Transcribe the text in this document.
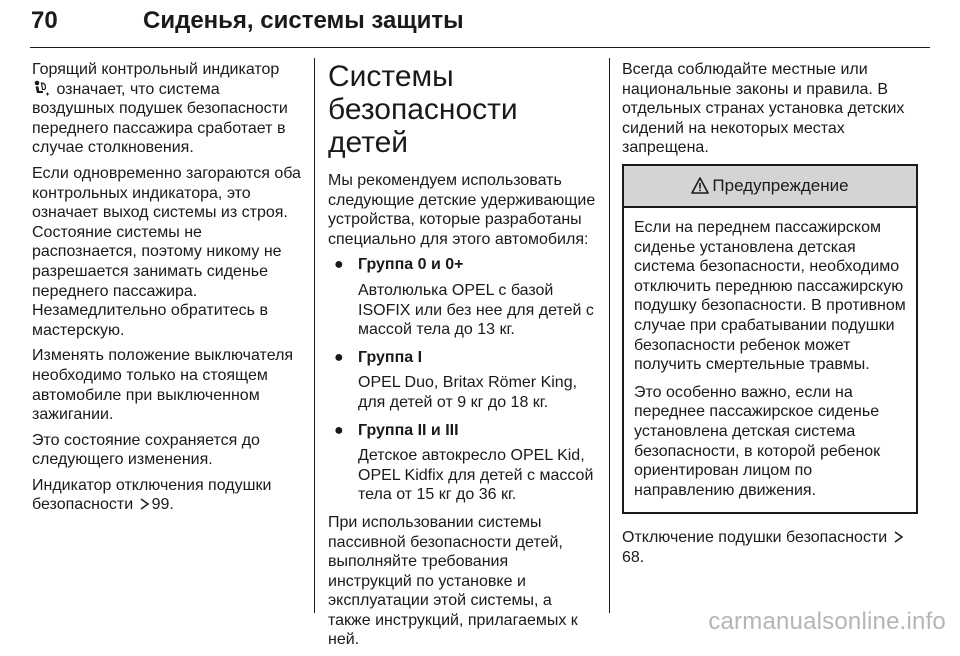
70	Сиденья, системы защиты

Горящий контрольный индикатор  означает, что система воздушных подушек безопасности переднего пассажира сработает в случае столкновения.

Если одновременно загораются оба контрольных индикатора, это означает выход системы из строя. Состояние системы не распознается, поэтому никому не разрешается занимать сиденье переднего пассажира. Незамедлительно обратитесь в мастерскую.

Изменять положение выключателя необходимо только на стоящем автомобиле при выключенном зажигании.

Это состояние сохраняется до следующего изменения.

Индикатор отключения подушки безопасности 99.

Системы безопасности детей

Мы рекомендуем использовать следующие детские удерживающие устройства, которые разработаны специально для этого автомобиля:

● Группа 0 и 0+
Автолюлька OPEL с базой ISOFIX или без нее для детей с массой тела до 13 кг.
● Группа I
OPEL Duo, Britax Römer King, для детей от 9 кг до 18 кг.
● Группа II и III
Детское автокресло OPEL Kid, OPEL Kidfix для детей с массой тела от 15 кг до 36 кг.

При использовании системы пассивной безопасности детей, выполняйте требования инструкций по установке и эксплуатации этой системы, а также инструкций, прилагаемых к ней.

Всегда соблюдайте местные или национальные законы и правила. В отдельных странах установка детских сидений на некоторых местах запрещена.

Предупреждение

Если на переднем пассажирском сиденье установлена детская система безопасности, необходимо отключить переднюю пассажирскую подушку безопасности. В противном случае при срабатывании подушки безопасности ребенок может получить смертельные травмы.

Это особенно важно, если на переднее пассажирское сиденье установлена детская система безопасности, в которой ребенок ориентирован лицом по направлению движения.

Отключение подушки безопасности 68.

carmanualsonline.info
